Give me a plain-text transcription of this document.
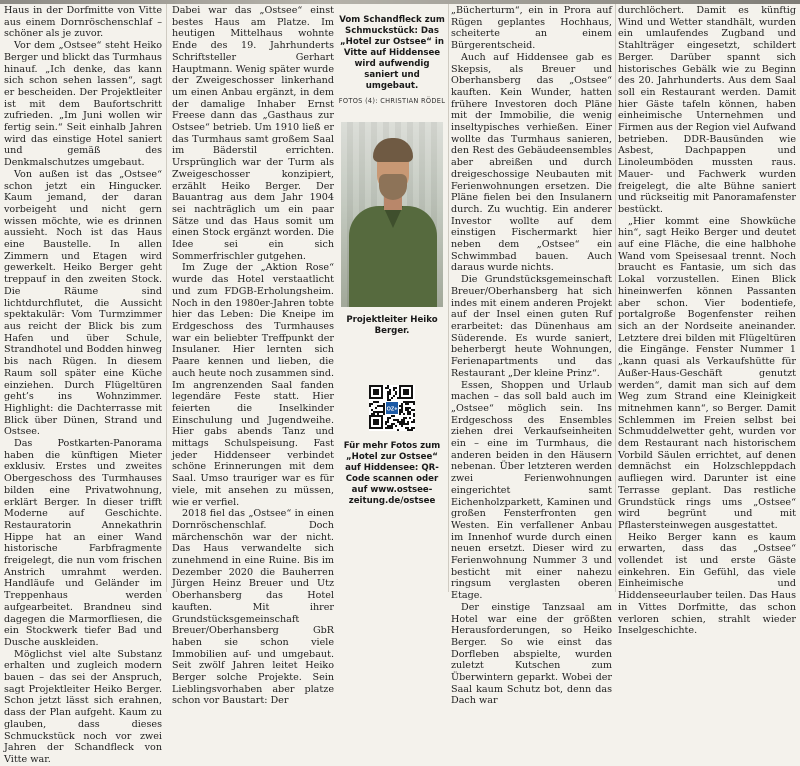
Haus in der Dorfmitte von Vitte aus einem Dornröschenschlaf – schöner als je zuvor.

Vor dem „Ostsee“ steht Heiko Berger und blickt das Turmhaus hinauf. „Ich denke, das kann sich schon sehen lassen“, sagt er bescheiden. Der Projektleiter ist mit dem Baufortschritt zufrieden. „Im Juni wollen wir fertig sein.“ Seit einhalb Jahren wird das einstige Hotel saniert und gemäß des Denkmalschutzes umgebaut.

Von außen ist das „Ostsee“ schon jetzt ein Hingucker. Kaum jemand, der daran vorbeigeht und nicht gern wissen möchte, wie es drinnen aussieht. Noch ist das Haus eine Baustelle. In allen Zimmern und Etagen wird gewerkelt. Heiko Berger geht treppauf in den zweiten Stock. Die Räume sind lichtdurchflutet, die Aussicht spektakulär: Vom Turmzimmer aus reicht der Blick bis zum Hafen und über Schule, Strandhotel und Bodden hinweg bis nach Rügen. In diesem Raum soll später eine Küche einziehen. Durch Flügeltüren geht’s ins Wohnzimmer. Highlight: die Dachterrasse mit Blick über Dünen, Strand und Ostsee.

Das Postkarten-Panorama haben die künftigen Mieter exklusiv. Erstes und zweites Obergeschoss des Turmhauses bilden eine Privatwohnung, erklärt Berger. In dieser trifft Moderne auf Geschichte. Restauratorin Annekathrin Hippe hat an einer Wand historische Farbfragmente freigelegt, die nun vom frischen Anstrich umrahmt werden. Handläufe und Geländer im Treppenhaus werden aufgearbeitet. Brandneu sind dagegen die Marmorfliesen, die ein Stockwerk tiefer Bad und Dusche auskleiden.

Möglichst viel alte Substanz erhalten und zugleich modern bauen – das sei der Anspruch, sagt Projektleiter Heiko Berger. Schon jetzt lässt sich erahnen, dass der Plan aufgeht. Kaum zu glauben, dass dieses Schmuckstück noch vor zwei Jahren der Schandfleck von Vitte war.

Dabei war das „Ostsee“ einst bestes Haus am Platze. Im heutigen Mittelhaus wohnte Ende des 19. Jahrhunderts Schriftsteller Gerhart Hauptmann. Wenig später wurde der Zweigeschosser linkerhand um einen Anbau ergänzt, in dem der damalige Inhaber Ernst Freese dann das „Gasthaus zur Ostsee“ betrieb. Um 1910 ließ er das Turmhaus samt großem Saal im Bäderstil errichten. Ursprünglich war der Turm als Zweigeschosser konzipiert, erzählt Heiko Berger. Der Bauantrag aus dem Jahr 1904 sei nachträglich um ein paar Sätze und das Haus somit um einen Stock ergänzt worden. Die Idee sei ein sich Sommerfrischler gutgehen.

Im Zuge der „Aktion Rose“ wurde das Hotel verstaatlicht und zum FDGB-Erholungsheim. Noch in den 1980er-Jahren tobte hier das Leben: Die Kneipe im Erdgeschoss des Turmhauses war ein beliebter Treffpunkt der Insulaner. Hier lernten sich Paare kennen und lieben, die auch heute noch zusammen sind. Im angrenzenden Saal fanden legendäre Feste statt. Hier feierten die Inselkinder Einschulung und Jugendweihe. Hier gabs abends Tanz und mittags Schulspeisung. Fast jeder Hiddenseer verbindet schöne Erinnerungen mit dem Saal. Umso trauriger war es für viele, mit ansehen zu müssen, wie er verfiel.

2018 fiel das „Ostsee“ in einen Dornröschenschlaf. Doch märchenschön war der nicht. Das Haus verwandelte sich zunehmend in eine Ruine. Bis im Dezember 2020 die Bauherren Jürgen Heinz Breuer und Utz Oberhansberg das Hotel kauften. Mit ihrer Grundstücksgemeinschaft Breuer/Oberhansberg GbR haben sie schon viele Immobilien auf- und umgebaut. Seit zwölf Jahren leitet Heiko Berger solche Projekte. Sein Lieblingsvorhaben aber platze schon vor Baustart: Der

Vom Schandfleck zum Schmuckstück: Das „Hotel zur Ostsee“ in Vitte auf Hiddensee wird aufwendig saniert und umgebaut.
FOTOS (4): CHRISTIAN RÖDEL
Projektleiter Heiko Berger.
OZ+
Für mehr Fotos zum „Hotel zur Ostsee“ auf Hiddensee: QR-Code scannen oder auf www.ostsee-zeitung.de/ostsee

„Bücherturm“, ein in Prora auf Rügen geplantes Hochhaus, scheiterte an einem Bürgerentscheid.

Auch auf Hiddensee gab es Skepsis, als Breuer und Oberhansberg das „Ostsee“ kauften. Kein Wunder, hatten frühere Investoren doch Pläne mit der Immobilie, die wenig inseltypisches verhießen. Einer wollte das Turmhaus sanieren, den Rest des Gebäudeensembles aber abreißen und durch dreigeschossige Neubauten mit Ferienwohnungen ersetzen. Die Pläne fielen bei den Insulanern durch. Zu wuchtig. Ein anderer Investor wollte auf dem einstigen Fischermarkt hier neben dem „Ostsee“ ein Schwimmbad bauen. Auch daraus wurde nichts.

Die Grundstücksgemeinschaft Breuer/Oberhansberg hat sich indes mit einem anderen Projekt auf der Insel einen guten Ruf erarbeitet: das Dünenhaus am Süderende. Es wurde saniert, beherbergt heute Wohnungen, Ferienapartments und das Restaurant „Der kleine Prinz“.

Essen, Shoppen und Urlaub machen – das soll bald auch im „Ostsee“ möglich sein. Ins Erdgeschoss des Ensembles ziehen drei Verkaufseinheiten ein – eine im Turmhaus, die anderen beiden in den Häusern nebenan. Über letzteren werden zwei Ferienwohnungen eingerichtet samt Eichenholzparkett, Kaminen und großen Fensterfronten gen Westen. Ein verfallener Anbau im Innenhof wurde durch einen neuen ersetzt. Dieser wird zu Ferienwohnung Nummer 3 und besticht mit einer nahezu ringsum verglasten oberen Etage.

Der einstige Tanzsaal am Hotel war eine der größten Herausforderungen, so Heiko Berger. So wie einst das Dorfleben abspielte, wurden zuletzt Kutschen zum Überwintern geparkt. Wobei der Saal kaum Schutz bot, denn das Dach war

durchlöchert. Damit es künftig Wind und Wetter standhält, wurden ein umlaufendes Zugband und Stahlträger eingesetzt, schildert Berger. Darüber spannt sich historisches Gebälk wie zu Beginn des 20. Jahrhunderts. Aus dem Saal soll ein Restaurant werden. Damit hier Gäste tafeln können, haben einheimische Unternehmen und Firmen aus der Region viel Aufwand betrieben. DDR-Bausünden wie Asbest, Dachpappen und Linoleumböden mussten raus. Mauer- und Fachwerk wurden freigelegt, die alte Bühne saniert und rückseitig mit Panoramafenster bestückt.

„Hier kommt eine Showküche hin“, sagt Heiko Berger und deutet auf eine Fläche, die eine halbhohe Wand vom Speisesaal trennt. Noch braucht es Fantasie, um sich das Lokal vorzustellen. Einen Blick hineinwerfen können Passanten aber schon. Vier bodentiefe, portalgroße Bogenfenster reihen sich an der Nordseite aneinander. Letztere drei bilden mit Flügeltüren die Eingänge. Fenster Nummer 1 „kann quasi als Verkaufshütte für Außer-Haus-Geschäft genutzt werden“, damit man sich auf dem Weg zum Strand eine Kleinigkeit mitnehmen kann“, so Berger. Damit Schlemmen im Freien selbst bei Schmuddelwetter geht, wurden vor dem Restaurant nach historischem Vorbild Säulen errichtet, auf denen demnächst ein Holzschleppdach aufliegen wird. Darunter ist eine Terrasse geplant. Das restliche Grundstück rings ums „Ostsee“ wird begrünt und mit Pflastersteinwegen ausgestattet.

Heiko Berger kann es kaum erwarten, dass das „Ostsee“ vollendet ist und erste Gäste einkehren. Ein Gefühl, das viele Einheimische und Hiddenseeurlauber teilen. Das Haus in Vittes Dorfmitte, das schon verloren schien, strahlt wieder Inselgeschichte.
